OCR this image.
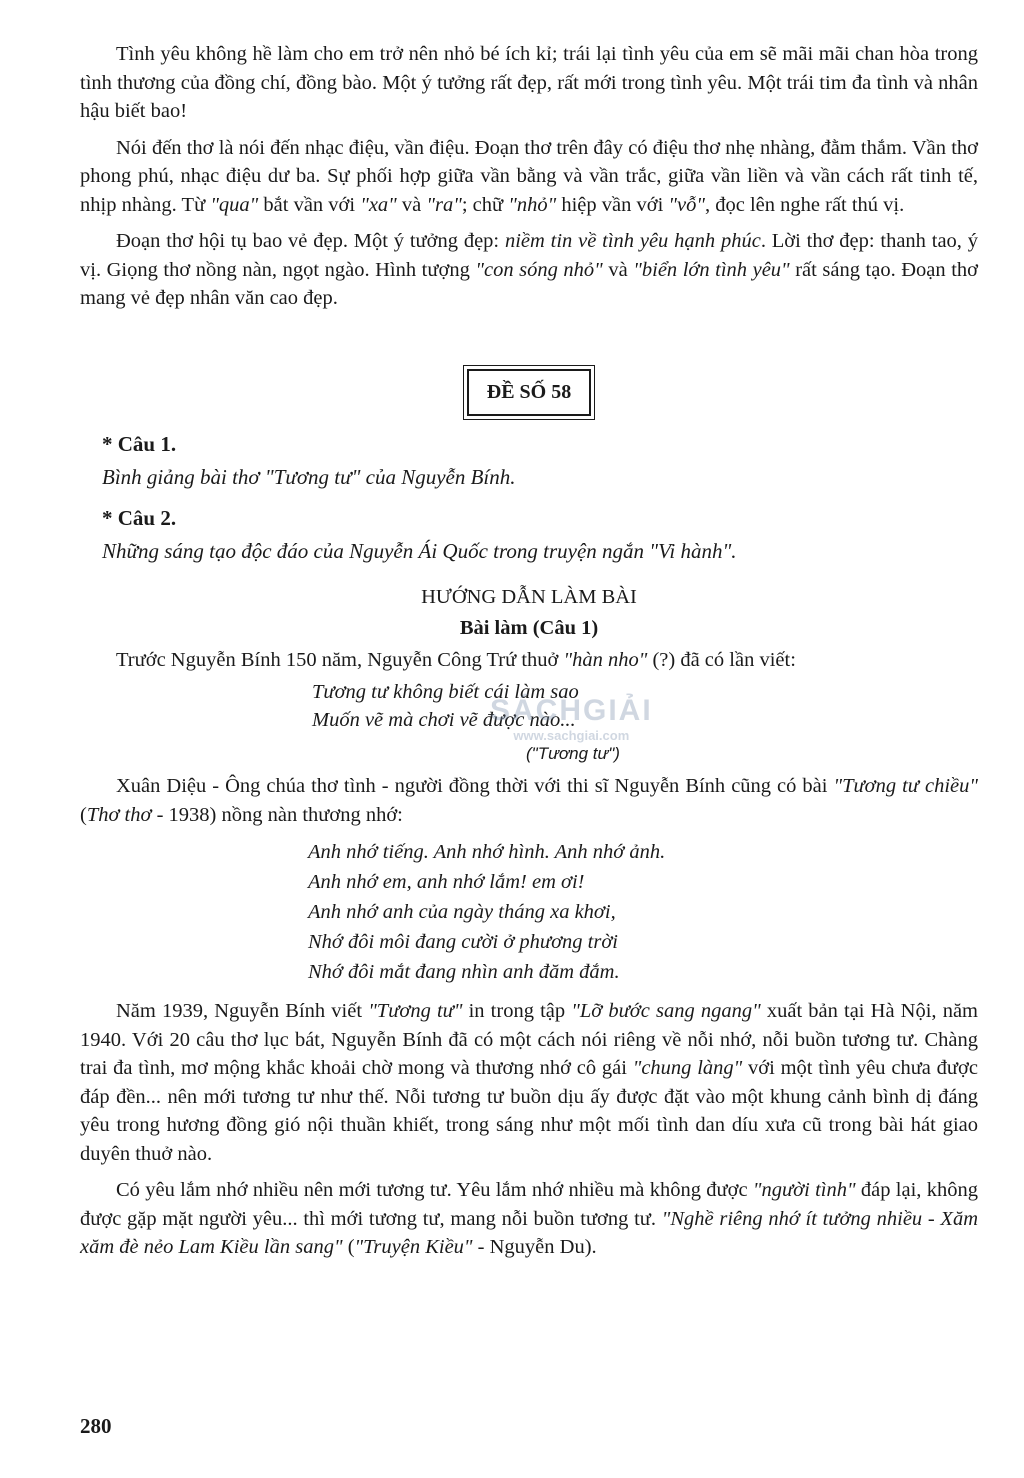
Tình yêu không hề làm cho em trở nên nhỏ bé ích kỉ; trái lại tình yêu của em sẽ mãi mãi chan hòa trong tình thương của đồng chí, đồng bào. Một ý tưởng rất đẹp, rất mới trong tình yêu. Một trái tim đa tình và nhân hậu biết bao!

Nói đến thơ là nói đến nhạc điệu, vần điệu. Đoạn thơ trên đây có điệu thơ nhẹ nhàng, đằm thắm. Vần thơ phong phú, nhạc điệu dư ba. Sự phối hợp giữa vần bằng và vần trắc, giữa vần liền và vần cách rất tinh tế, nhịp nhàng. Từ "qua" bắt vần với "xa" và "ra"; chữ "nhỏ" hiệp vần với "vỗ", đọc lên nghe rất thú vị.

Đoạn thơ hội tụ bao vẻ đẹp. Một ý tưởng đẹp: niềm tin về tình yêu hạnh phúc. Lời thơ đẹp: thanh tao, ý vị. Giọng thơ nồng nàn, ngọt ngào. Hình tượng "con sóng nhỏ" và "biển lớn tình yêu" rất sáng tạo. Đoạn thơ mang vẻ đẹp nhân văn cao đẹp.

ĐỀ SỐ 58

* Câu 1.

Bình giảng bài thơ "Tương tư" của Nguyễn Bính.

* Câu 2.

Những sáng tạo độc đáo của Nguyễn Ái Quốc trong truyện ngắn "Vi hành".

HƯỚNG DẪN LÀM BÀI

Bài làm (Câu 1)

Trước Nguyễn Bính 150 năm, Nguyễn Công Trứ thuở "hàn nho" (?) đã có lần viết:

Tương tư không biết cái làm sao
Muốn vẽ mà chơi vẽ được nào...
("Tương tư")

Xuân Diệu - Ông chúa thơ tình - người đồng thời với thi sĩ Nguyễn Bính cũng có bài "Tương tư chiều" (Thơ thơ - 1938) nồng nàn thương nhớ:

Anh nhớ tiếng. Anh nhớ hình. Anh nhớ ảnh.
Anh nhớ em, anh nhớ lắm! em ơi!
Anh nhớ anh của ngày tháng xa khơi,
Nhớ đôi môi đang cười ở phương trời
Nhớ đôi mắt đang nhìn anh đăm đắm.

Năm 1939, Nguyễn Bính viết "Tương tư" in trong tập "Lỡ bước sang ngang" xuất bản tại Hà Nội, năm 1940. Với 20 câu thơ lục bát, Nguyễn Bính đã có một cách nói riêng về nỗi nhớ, nỗi buồn tương tư. Chàng trai đa tình, mơ mộng khắc khoải chờ mong và thương nhớ cô gái "chung làng" với một tình yêu chưa được đáp đền... nên mới tương tư như thế. Nỗi tương tư buồn dịu ấy được đặt vào một khung cảnh bình dị đáng yêu trong hương đồng gió nội thuần khiết, trong sáng như một mối tình dan díu xưa cũ trong bài hát giao duyên thuở nào.

Có yêu lắm nhớ nhiều nên mới tương tư. Yêu lắm nhớ nhiều mà không được "người tình" đáp lại, không được gặp mặt người yêu... thì mới tương tư, mang nỗi buồn tương tư. "Nghề riêng nhớ ít tưởng nhiều - Xăm xăm đè nẻo Lam Kiều lần sang" ("Truyện Kiều" - Nguyễn Du).

SÁCHGIẢI
www.sachgiai.com
280
